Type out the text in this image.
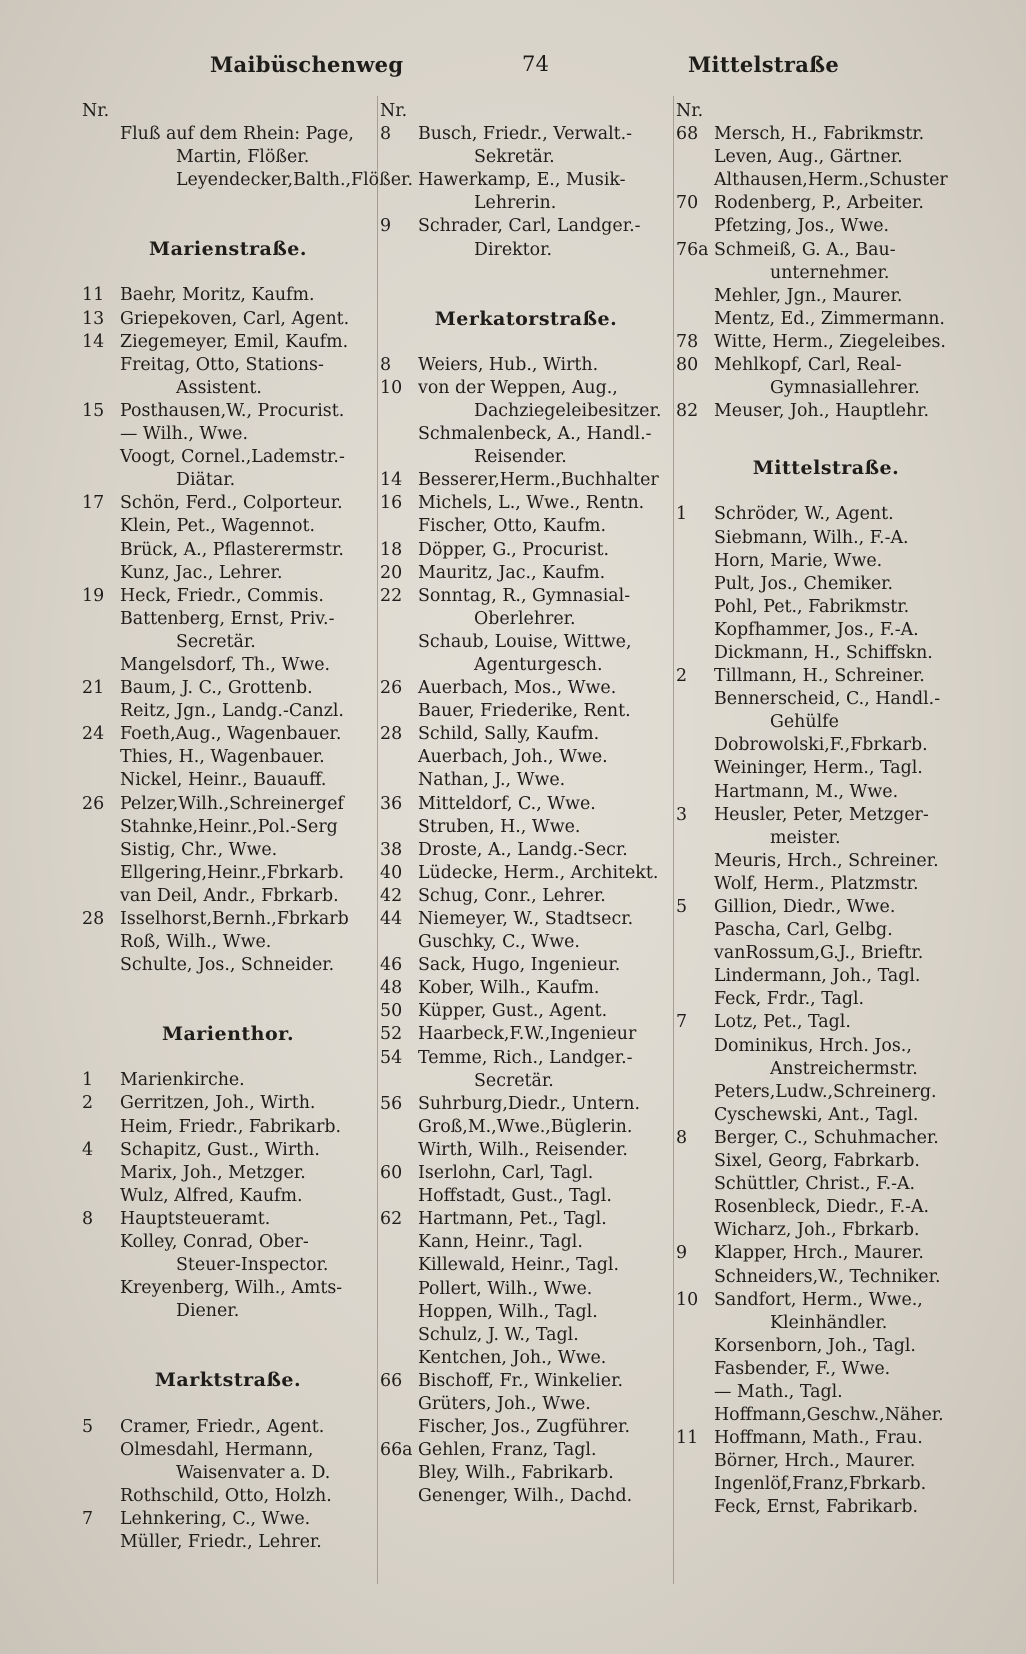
Maibüschenweg	74	Mittelstraße
Nr.
Fluß auf dem Rhein: Page,
Martin, Flößer.
Leyendecker,Balth.,Flößer.
Marienstraße.
11 Baehr, Moritz, Kaufm.
13 Griepekoven, Carl, Agent.
14 Ziegemeyer, Emil, Kaufm.
Freitag, Otto, Stations-
Assistent.
15 Posthausen,W., Procurist.
— Wilh., Wwe.
Voogt, Cornel.,Lademstr.-
Diätar.
17 Schön, Ferd., Colporteur.
Klein, Pet., Wagennot.
Brück, A., Pflasterermstr.
Kunz, Jac., Lehrer.
19 Heck, Friedr., Commis.
Battenberg, Ernst, Priv.-
Secretär.
Mangelsdorf, Th., Wwe.
21 Baum, J. C., Grottenb.
Reitz, Jgn., Landg.-Canzl.
24 Foeth,Aug., Wagenbauer.
Thies, H., Wagenbauer.
Nickel, Heinr., Bauauff.
26 Pelzer,Wilh.,Schreinergef
Stahnke,Heinr.,Pol.-Serg
Sistig, Chr., Wwe.
Ellgering,Heinr.,Fbrkarb.
van Deil, Andr., Fbrkarb.
28 Isselhorst,Bernh.,Fbrkarb
Roß, Wilh., Wwe.
Schulte, Jos., Schneider.
Marienthor.
1 Marienkirche.
2 Gerritzen, Joh., Wirth.
Heim, Friedr., Fabrikarb.
4 Schapitz, Gust., Wirth.
Marix, Joh., Metzger.
Wulz, Alfred, Kaufm.
8 Hauptsteueramt.
Kolley, Conrad, Ober-
Steuer-Inspector.
Kreyenberg, Wilh., Amts-
Diener.
Marktstraße.
5 Cramer, Friedr., Agent.
Olmesdahl, Hermann,
Waisenvater a. D.
Rothschild, Otto, Holzh.
7 Lehnkering, C., Wwe.
Müller, Friedr., Lehrer.
Nr.
8 Busch, Friedr., Verwalt.-
Sekretär.
Hawerkamp, E., Musik-
Lehrerin.
9 Schrader, Carl, Landger.-
Direktor.
Merkatorstraße.
8 Weiers, Hub., Wirth.
10 von der Weppen, Aug.,
Dachziegeleibesitzer.
Schmalenbeck, A., Handl.-
Reisender.
14 Besserer,Herm.,Buchhalter
16 Michels, L., Wwe., Rentn.
Fischer, Otto, Kaufm.
18 Döpper, G., Procurist.
20 Mauritz, Jac., Kaufm.
22 Sonntag, R., Gymnasial-
Oberlehrer.
Schaub, Louise, Wittwe,
Agenturgesch.
26 Auerbach, Mos., Wwe.
Bauer, Friederike, Rent.
28 Schild, Sally, Kaufm.
Auerbach, Joh., Wwe.
Nathan, J., Wwe.
36 Mitteldorf, C., Wwe.
Struben, H., Wwe.
38 Droste, A., Landg.-Secr.
40 Lüdecke, Herm., Architekt.
42 Schug, Conr., Lehrer.
44 Niemeyer, W., Stadtsecr.
Guschky, C., Wwe.
46 Sack, Hugo, Ingenieur.
48 Kober, Wilh., Kaufm.
50 Küpper, Gust., Agent.
52 Haarbeck,F.W.,Ingenieur
54 Temme, Rich., Landger.-
Secretär.
56 Suhrburg,Diedr., Untern.
Groß,M.,Wwe.,Büglerin.
Wirth, Wilh., Reisender.
60 Iserlohn, Carl, Tagl.
Hoffstadt, Gust., Tagl.
62 Hartmann, Pet., Tagl.
Kann, Heinr., Tagl.
Killewald, Heinr., Tagl.
Pollert, Wilh., Wwe.
Hoppen, Wilh., Tagl.
Schulz, J. W., Tagl.
Kentchen, Joh., Wwe.
66 Bischoff, Fr., Winkelier.
Grüters, Joh., Wwe.
Fischer, Jos., Zugführer.
66a Gehlen, Franz, Tagl.
Bley, Wilh., Fabrikarb.
Genenger, Wilh., Dachd.
Nr.
68 Mersch, H., Fabrikmstr.
Leven, Aug., Gärtner.
Althausen,Herm.,Schuster
70 Rodenberg, P., Arbeiter.
Pfetzing, Jos., Wwe.
76a Schmeiß, G. A., Bau-
unternehmer.
Mehler, Jgn., Maurer.
Mentz, Ed., Zimmermann.
78 Witte, Herm., Ziegeleibes.
80 Mehlkopf, Carl, Real-
Gymnasiallehrer.
82 Meuser, Joh., Hauptlehr.
Mittelstraße.
1 Schröder, W., Agent.
Siebmann, Wilh., F.-A.
Horn, Marie, Wwe.
Pult, Jos., Chemiker.
Pohl, Pet., Fabrikmstr.
Kopfhammer, Jos., F.-A.
Dickmann, H., Schiffskn.
2 Tillmann, H., Schreiner.
Bennerscheid, C., Handl.-
Gehülfe
Dobrowolski,F.,Fbrkarb.
Weininger, Herm., Tagl.
Hartmann, M., Wwe.
3 Heusler, Peter, Metzger-
meister.
Meuris, Hrch., Schreiner.
Wolf, Herm., Platzmstr.
5 Gillion, Diedr., Wwe.
Pascha, Carl, Gelbg.
vanRossum,G.J., Brieftr.
Lindermann, Joh., Tagl.
Feck, Frdr., Tagl.
7 Lotz, Pet., Tagl.
Dominikus, Hrch. Jos.,
Anstreichermstr.
Peters,Ludw.,Schreinerg.
Cyschewski, Ant., Tagl.
8 Berger, C., Schuhmacher.
Sixel, Georg, Fabrkarb.
Schüttler, Christ., F.-A.
Rosenbleck, Diedr., F.-A.
Wicharz, Joh., Fbrkarb.
9 Klapper, Hrch., Maurer.
Schneiders,W., Techniker.
10 Sandfort, Herm., Wwe.,
Kleinhändler.
Korsenborn, Joh., Tagl.
Fasbender, F., Wwe.
— Math., Tagl.
Hoffmann,Geschw.,Näher.
11 Hoffmann, Math., Frau.
Börner, Hrch., Maurer.
Ingenlöf,Franz,Fbrkarb.
Feck, Ernst, Fabrikarb.
